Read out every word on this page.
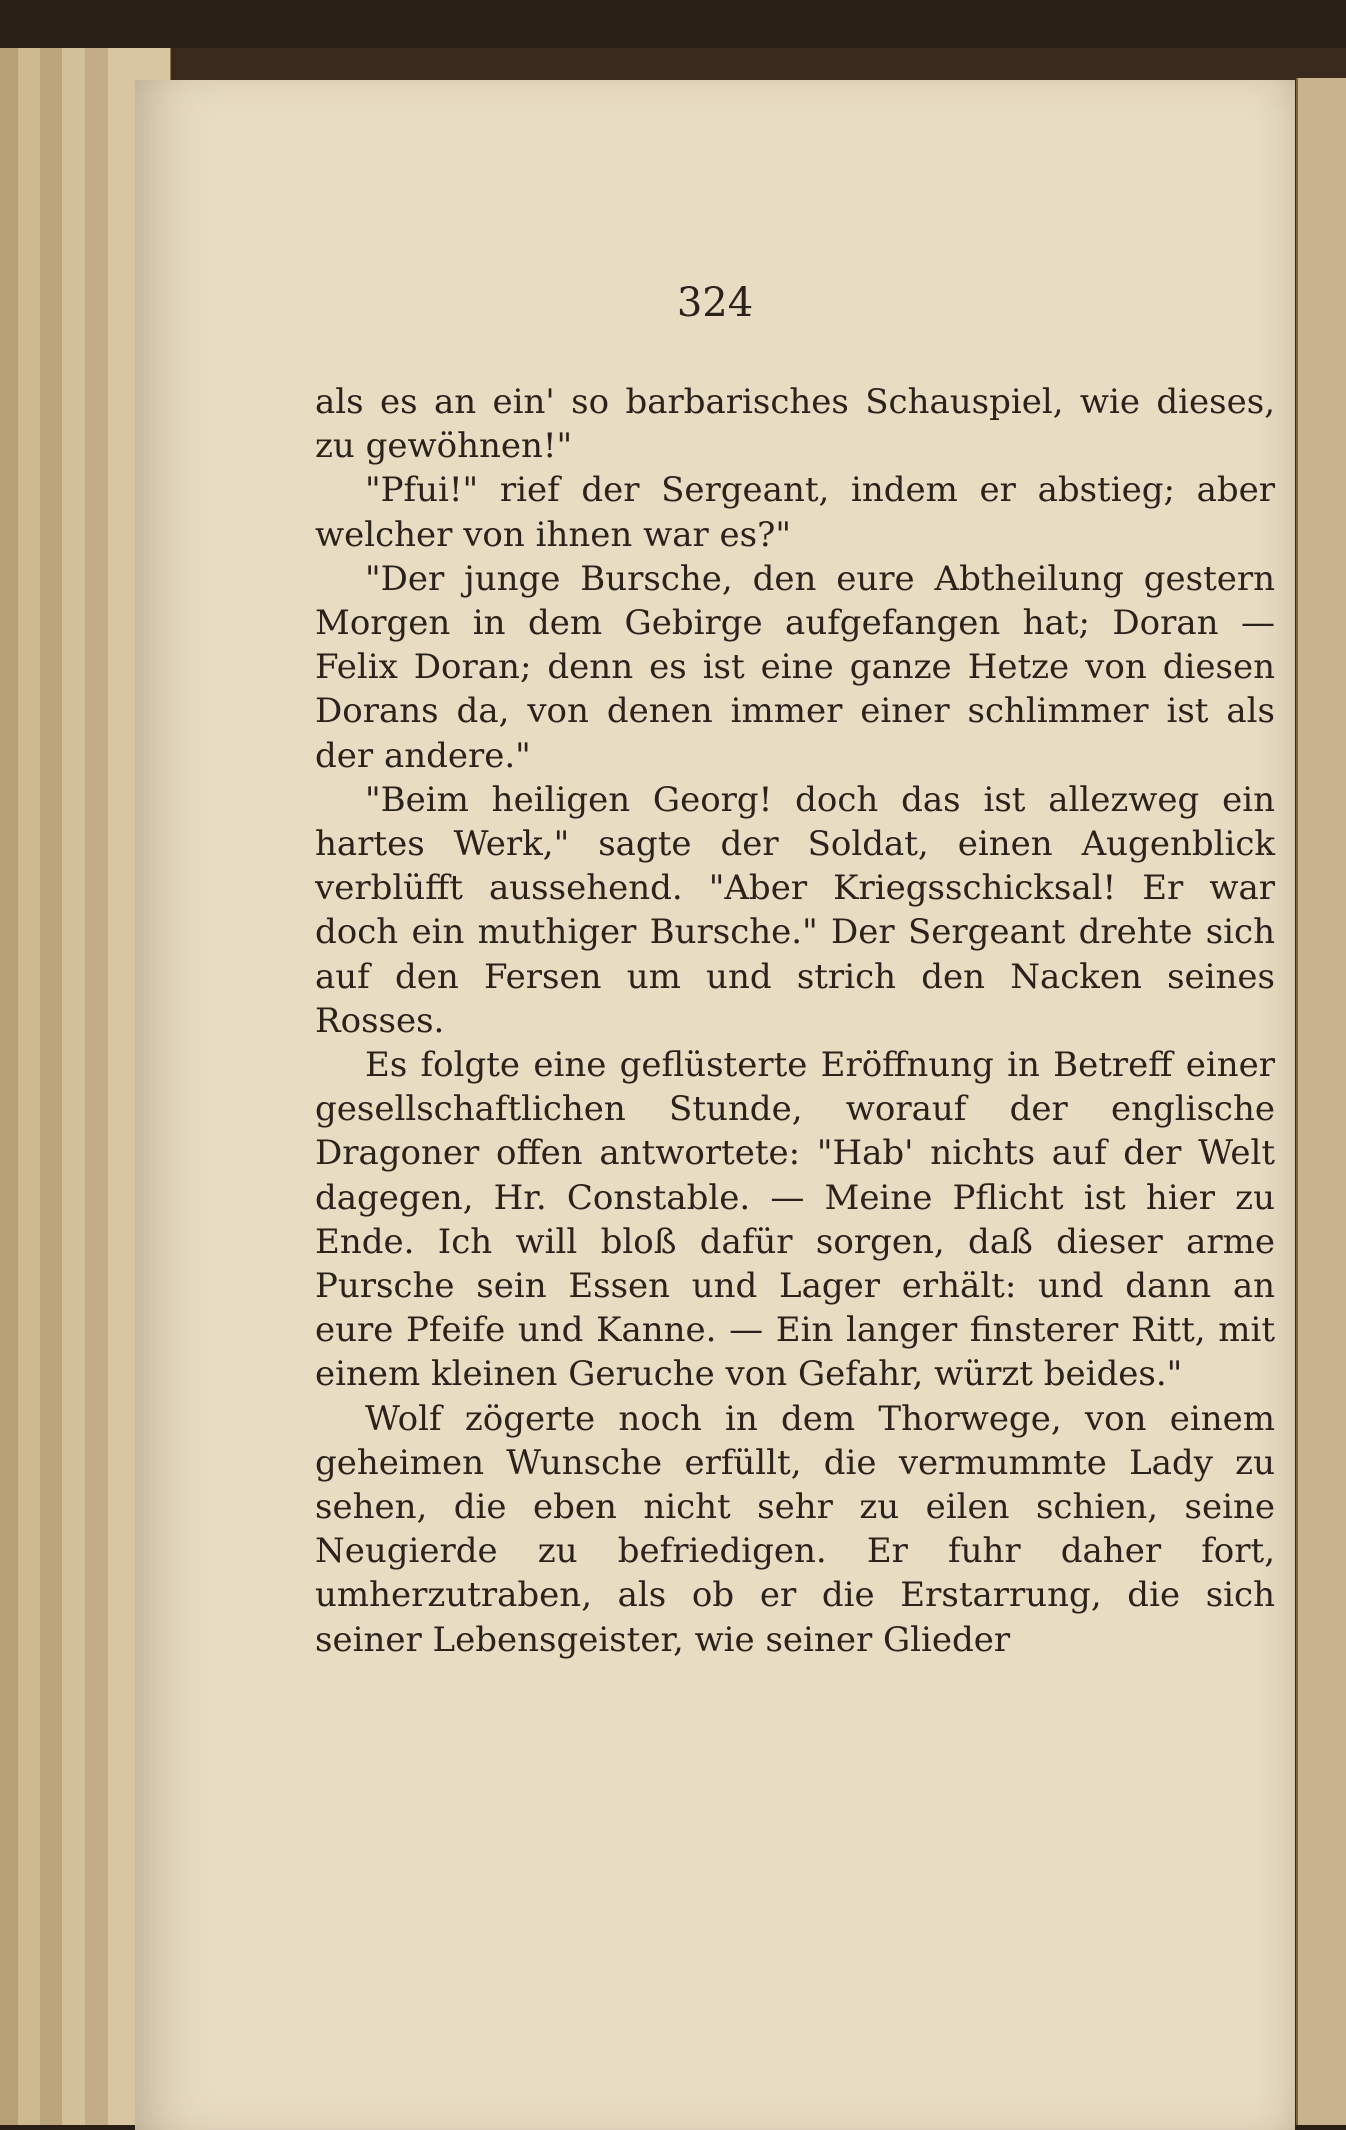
324

als es an ein' so barbarisches Schauspiel, wie dieses, zu gewöhnen!"

"Pfui!" rief der Sergeant, indem er abstieg; aber welcher von ihnen war es?"

"Der junge Bursche, den eure Abtheilung gestern Morgen in dem Gebirge aufgefangen hat; Doran — Felix Doran; denn es ist eine ganze Hetze von diesen Dorans da, von denen immer einer schlimmer ist als der andere."

"Beim heiligen Georg! doch das ist allezweg ein hartes Werk," sagte der Soldat, einen Augenblick verblüfft aussehend. "Aber Kriegsschicksal! Er war doch ein muthiger Bursche." Der Sergeant drehte sich auf den Fersen um und strich den Nacken seines Rosses.

Es folgte eine geflüsterte Eröffnung in Betreff einer gesellschaftlichen Stunde, worauf der englische Dragoner offen antwortete: "Hab' nichts auf der Welt dagegen, Hr. Constable. — Meine Pflicht ist hier zu Ende. Ich will bloß dafür sorgen, daß dieser arme Pursche sein Essen und Lager erhält: und dann an eure Pfeife und Kanne. — Ein langer finsterer Ritt, mit einem kleinen Geruche von Gefahr, würzt beides."

Wolf zögerte noch in dem Thorwege, von einem geheimen Wunsche erfüllt, die vermummte Lady zu sehen, die eben nicht sehr zu eilen schien, seine Neugierde zu befriedigen. Er fuhr daher fort, umherzutraben, als ob er die Erstarrung, die sich seiner Lebensgeister, wie seiner Glieder
